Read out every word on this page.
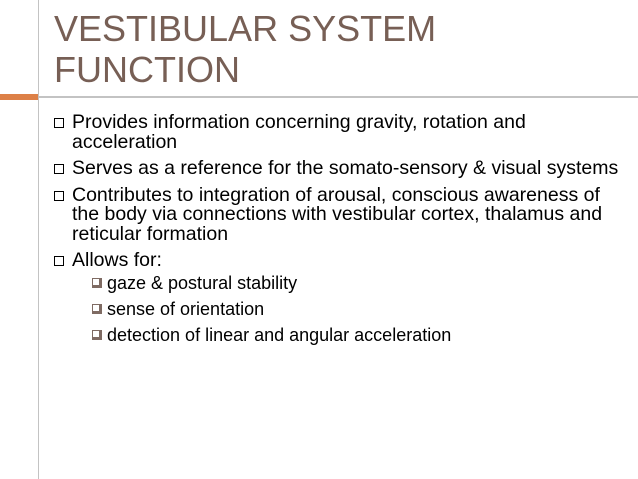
VESTIBULAR SYSTEM
FUNCTION
Provides information concerning gravity, rotation and acceleration
Serves as a reference for the somato-sensory & visual systems
Contributes to integration of arousal, conscious awareness of the body via connections with vestibular cortex, thalamus and reticular formation
Allows for:
gaze & postural stability
sense of orientation
detection of linear and angular acceleration
